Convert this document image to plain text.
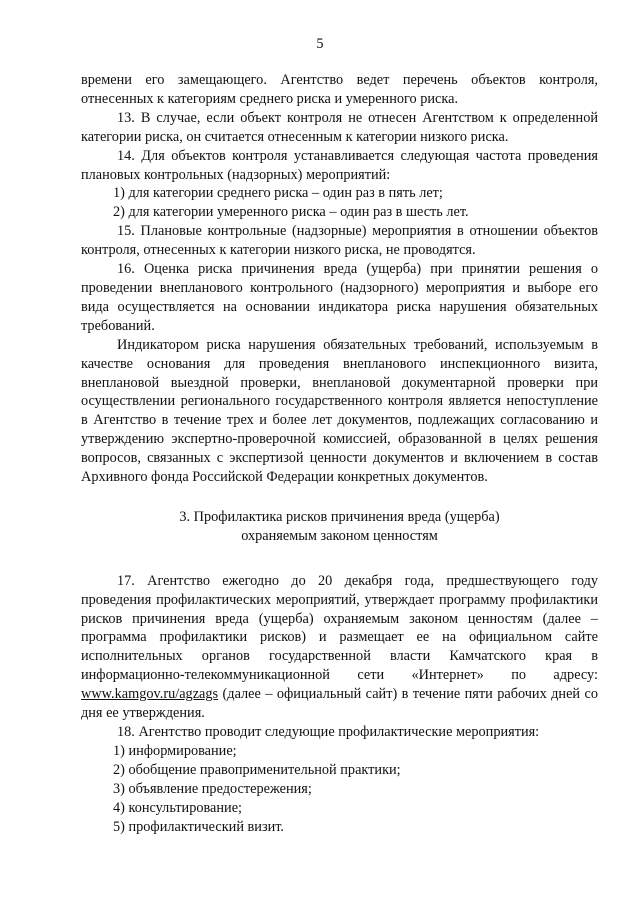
5

времени его замещающего. Агентство ведет перечень объектов контроля, отнесенных к категориям среднего риска и умеренного риска.

13. В случае, если объект контроля не отнесен Агентством к определенной категории риска, он считается отнесенным к категории низкого риска.

14. Для объектов контроля устанавливается следующая частота проведения плановых контрольных (надзорных) мероприятий:

1) для категории среднего риска – один раз в пять лет;

2) для категории умеренного риска – один раз в шесть лет.

15. Плановые контрольные (надзорные) мероприятия в отношении объектов контроля, отнесенных к категории низкого риска, не проводятся.

16. Оценка риска причинения вреда (ущерба) при принятии решения о проведении внепланового контрольного (надзорного) мероприятия и выборе его вида осуществляется на основании индикатора риска нарушения обязательных требований.

Индикатором риска нарушения обязательных требований, используемым в качестве основания для проведения внепланового инспекционного визита, внеплановой выездной проверки, внеплановой документарной проверки при осуществлении регионального государственного контроля является непоступление в Агентство в течение трех и более лет документов, подлежащих согласованию и утверждению экспертно-проверочной комиссией, образованной в целях решения вопросов, связанных с экспертизой ценности документов и включением в состав Архивного фонда Российской Федерации конкретных документов.

3. Профилактика рисков причинения вреда (ущерба)
охраняемым законом ценностям

17. Агентство ежегодно до 20 декабря года, предшествующего году проведения профилактических мероприятий, утверждает программу профилактики рисков причинения вреда (ущерба) охраняемым законом ценностям (далее – программа профилактики рисков) и размещает ее на официальном сайте исполнительных органов государственной власти Камчатского края в информационно-телекоммуникационной сети «Интернет» по адресу: www.kamgov.ru/agzags (далее – официальный сайт) в течение пяти рабочих дней со дня ее утверждения.

18. Агентство проводит следующие профилактические мероприятия:

1) информирование;

2) обобщение правоприменительной практики;

3) объявление предостережения;

4) консультирование;

5) профилактический визит.
